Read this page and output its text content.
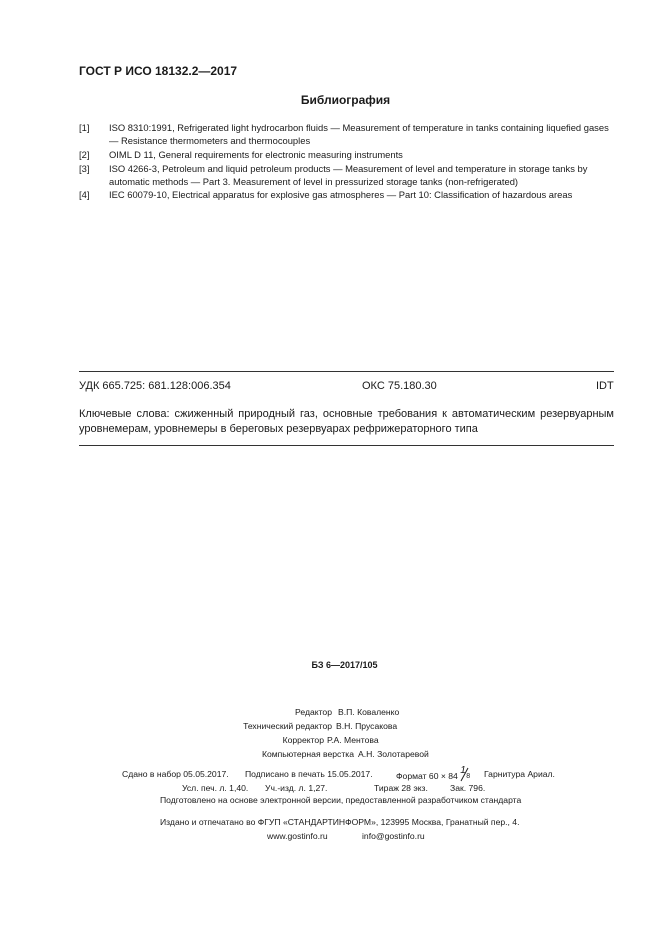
ГОСТ Р ИСО 18132.2—2017
Библиография
[1] ISO 8310:1991, Refrigerated light hydrocarbon fluids — Measurement of temperature in tanks containing liquefied gases — Resistance thermometers and thermocouples
[2] OIML D 11, General requirements for electronic measuring instruments
[3] ISO 4266-3, Petroleum and liquid petroleum products — Measurement of level and temperature in storage tanks by automatic methods — Part 3. Measurement of level in pressurized storage tanks (non-refrigerated)
[4] IEC 60079-10, Electrical apparatus for explosive gas atmospheres — Part 10: Classification of hazardous areas
УДК 665.725: 681.128:006.354	ОКС 75.180.30	IDT
Ключевые слова: сжиженный природный газ, основные требования к автоматическим резервуарным уровнемерам, уровнемеры в береговых резервуарах рефрижераторного типа
БЗ 6—2017/105
Редактор В.П. Коваленко
Технический редактор В.Н. Прусакова
Корректор Р.А. Ментова
Компьютерная верстка А.Н. Золотаревой
Сдано в набор 05.05.2017. Подписано в печать 15.05.2017.	Формат 60 × 84 1
8 Гарнитура Ариал.
Усл. печ. л. 1,40. Уч.-изд. л. 1,27.	Тираж 28 экз.	Зак. 796.
Подготовлено на основе электронной версии, предоставленной разработчиком стандарта
Издано и отпечатано во ФГУП «СТАНДАРТИНФОРМ», 123995 Москва, Гранатный пер., 4.
www.gostinfo.ru	info@gostinfo.ru
